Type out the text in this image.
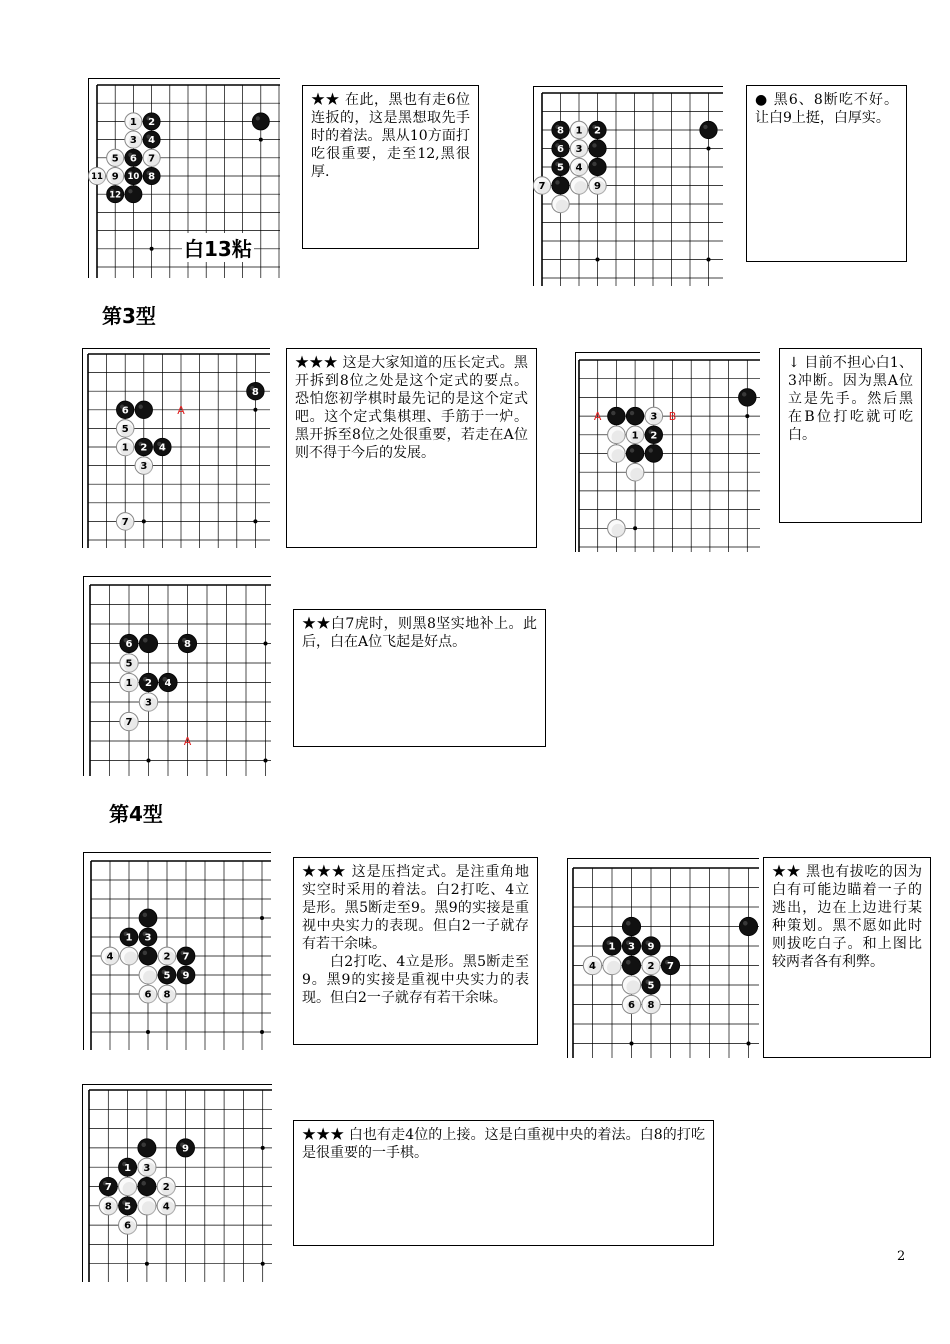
1 2
3 4
5 6 7
8
9 10
11
12
白13粘

★★ 在此，黑也有走6位连扳的，这是黑想取先手时的着法。黑从10方面打吃很重要，走至12,黑很厚.

8 1 2
6 3
5 4
7	9

● 黑6、8断吃不好。让白9上挺，白厚实。

第3型
A
6
5
1 2 4
3
7
8

★★★ 这是大家知道的压长定式。黑开拆到8位之处是这个定式的要点。 恐怕您初学棋时最先记的是这个定式吧。这个定式集棋理、手筋于一炉。黑开拆至8位之处很重要，若走在A位则不得于今后的发展。

A	B
3
1 2

↓ 目前不担心白1、3冲断。因为黑A位立是先手。然后黑在B位打吃就可吃白。

A
6	8
5
1 2 4
3
7

★★白7虎时，则黑8坚实地补上。此后，白在A位飞起是好点。

第4型
1 3
4	2 7
5 9
6 8

★★★ 这是压挡定式。是注重角地实空时采用的着法。白2打吃、4立是形。黑5断走至9。黑9的实接是重视中央实力的表现。但白2一子就存有若干余味。

白2打吃、4立是形。黑5断走至9。黑9的实接是重视中央实力的表现。但白2一子就存有若干余味。

1 3 9
4	2 7
5
6 8

★★ 黑也有拔吃的因为白有可能边瞄着一子的逃出，边在上边进行某种策划。黑不愿如此时则拔吃白子。和上图比较两者各有利弊。

9
1 3
7	2
8 5	4
6

★★★ 白也有走4位的上接。这是白重视中央的着法。白8的打吃是很重要的一手棋。

2
